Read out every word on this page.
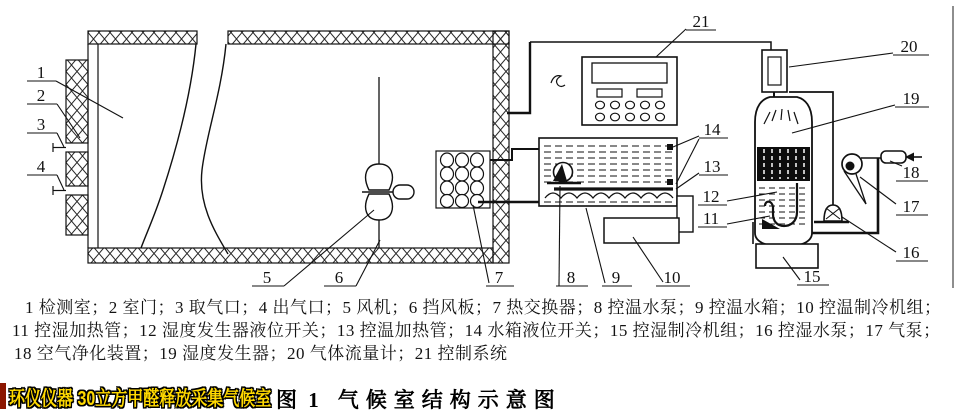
1
2
3
4
5	6	7	8 9	10
11
12
13
14
15
16
17
18
19
20
21
1 检测室；2 室门；3 取气口；4 出气口；5 风机；6 挡风板；7 热交换器；8 控温水泵；9 控温水箱；10 控温制冷机组；
11 控湿加热管；12 湿度发生器液位开关；13 控温加热管；14 水箱液位开关；15 控湿制冷机组；16 控湿水泵；17 气泵；
18 空气净化装置；19 湿度发生器；20 气体流量计；21 控制系统
环仪仪器 30立方甲醛释放采集气候室 图 1 气候室结构示意图
